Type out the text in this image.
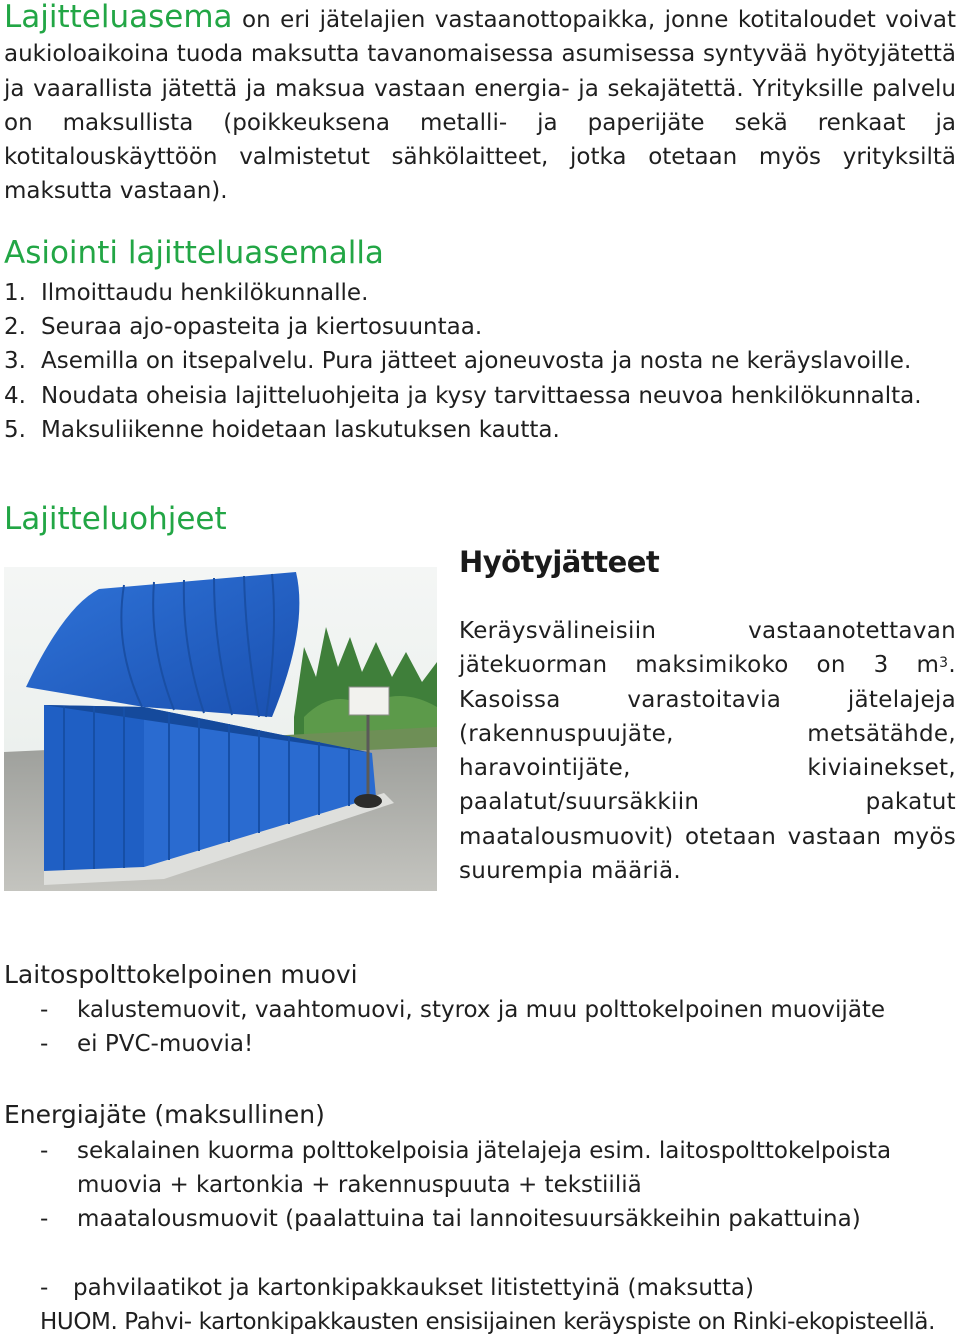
Lajitteluasema on eri jätelajien vastaanottopaikka, jonne kotitaloudet voivat aukioloaikoina tuoda maksutta tavanomaisessa asumisessa syntyvää hyötyjätettä ja vaarallista jätettä ja maksua vastaan energia- ja sekajätettä. Yrityksille palvelu on maksullista (poikkeuksena metalli- ja paperijäte sekä renkaat ja kotitalouskäyttöön valmistetut sähkölaitteet, jotka otetaan myös yrityksiltä maksutta vastaan).
Asiointi lajitteluasemalla
1. Ilmoittaudu henkilökunnalle.
2. Seuraa ajo-opasteita ja kiertosuuntaa.
3. Asemilla on itsepalvelu. Pura jätteet ajoneuvosta ja nosta ne keräyslavoille.
4. Noudata oheisia lajitteluohjeita ja kysy tarvittaessa neuvoa henkilökunnalta.
5. Maksuliikenne hoidetaan laskutuksen kautta.
Lajitteluohjeet
Hyötyjätteet
Keräysvälineisiin vastaanotettavan jätekuorman maksimikoko on 3 $m^3$. Kasoissa varastoitavia jätelajeja (rakennuspuujäte, metsätähde, haravointijäte, kiviainekset, paalatut/suursäkkiin pakatut maatalousmuovit) otetaan vastaan myös suurempia määriä.
Laitospolttokelpoinen muovi
- kalustemuovit, vaahtomuovi, styrox ja muu polttokelpoinen muovijäte
- ei PVC-muovia!
Energiajäte (maksullinen)
- sekalainen kuorma polttokelpoisia jätelajeja esim. laitospolttokelpoista
muovia + kartonkia + rakennuspuuta + tekstiiliä
- maatalousmuovit (paalattuina tai lannoitesuursäkkeihin pakattuina)
- pahvilaatikot ja kartonkipakkaukset litistettyinä (maksutta)
HUOM. Pahvi- kartonkipakkausten ensisijainen keräyspiste on Rinki-ekopisteellä.
